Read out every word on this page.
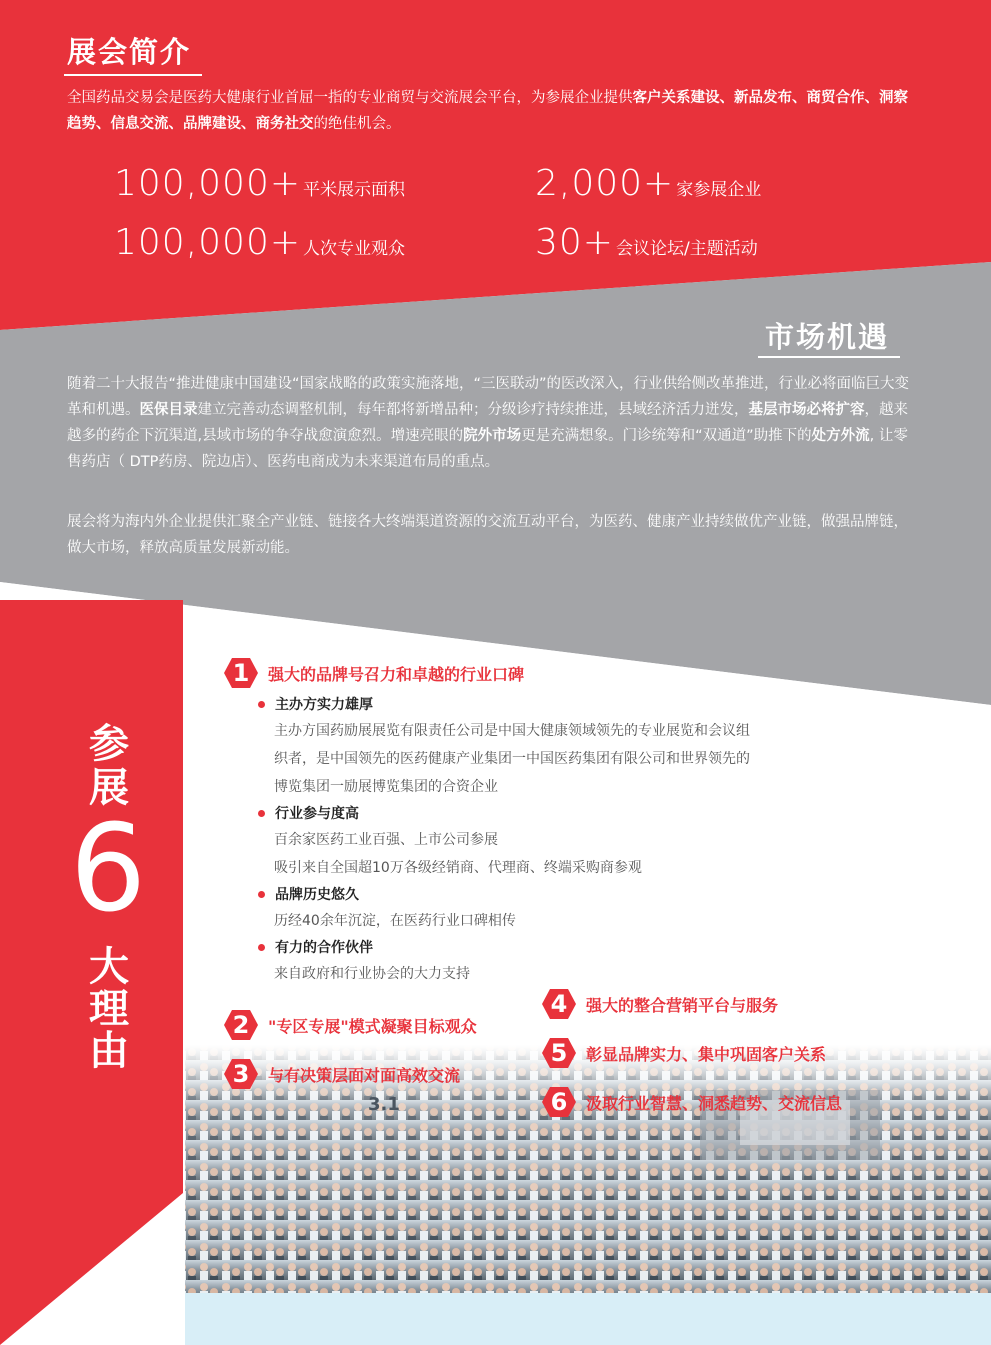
展会简介
全国药品交易会是医药大健康行业首屈一指的专业商贸与交流展会平台，为参展企业提供客户关系建设、新品发布、商贸合作、洞察趋势、信息交流、品牌建设、商务社交的绝佳机会。
100,000+ 平米展示面积	2,000+ 家参展企业
100,000+ 人次专业观众	30+ 会议论坛/主题活动
市场机遇
随着二十大报告“推进健康中国建设“国家战略的政策实施落地，“三医联动”的医改深入，行业供给侧改革推进，行业必将面临巨大变革和机遇。医保目录建立完善动态调整机制，每年都将新增品种；分级诊疗持续推进，县域经济活力迸发，基层市场必将扩容，越来越多的药企下沉渠道,县域市场的争夺战愈演愈烈。增速亮眼的院外市场更是充满想象。门诊统筹和“双通道”助推下的处方外流, 让零售药店（ DTP药房、院边店）、医药电商成为未来渠道布局的重点。
展会将为海内外企业提供汇聚全产业链、链接各大终端渠道资源的交流互动平台，为医药、健康产业持续做优产业链，做强品牌链，做大市场，释放高质量发展新动能。
参
展
6
大
理
由
1	强大的品牌号召力和卓越的行业口碑
主办方实力雄厚
主办方国药励展展览有限责任公司是中国大健康领域领先的专业展览和会议组
织者，是中国领先的医药健康产业集团一中国医药集团有限公司和世界领先的
博览集团一励展博览集团的合资企业
行业参与度高
百余家医药工业百强、上市公司参展
吸引来自全国超10万各级经销商、代理商、终端采购商参观
品牌历史悠久
历经40余年沉淀，在医药行业口碑相传
有力的合作伙伴
来自政府和行业协会的大力支持
2	"专区专展"模式凝聚目标观众
3	与有决策层面对面高效交流
4	强大的整合营销平台与服务
5	彰显品牌实力、集中巩固客户关系
6	汲取行业智慧、洞悉趋势、交流信息
3.1
